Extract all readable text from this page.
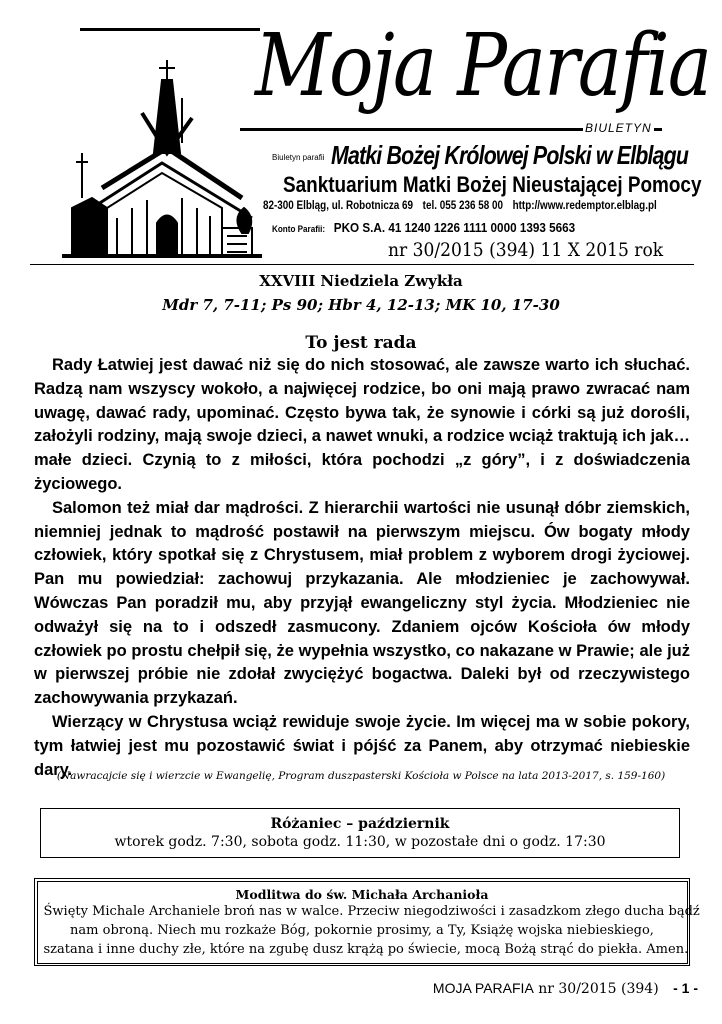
Moja Parafia
BIULETYN
$^{Biuletyn parafii}$ Matki Bożej Królowej Polski w Elblągu
Sanktuarium Matki Bożej Nieustającej Pomocy
82-300 Elbląg, ul. Robotnicza 69 tel. 055 236 58 00 http://www.redemptor.elblag.pl
Konto Parafii: PKO S.A. 41 1240 1226 1111 0000 1393 5663
nr 30/2015 (394) 11 X 2015 rok
XXVIII Niedziela Zwykła
Mdr 7, 7-11; Ps 90; Hbr 4, 12-13; MK 10, 17-30
To jest rada

Rady Łatwiej jest dawać niż się do nich stosować, ale zawsze warto ich słuchać. Radzą nam wszyscy wokoło, a najwięcej rodzice, bo oni mają prawo zwracać nam uwagę, dawać rady, upominać. Często bywa tak, że synowie i córki są już dorośli, założyli rodziny, mają swoje dzieci, a nawet wnuki, a rodzice wciąż traktują ich jak… małe dzieci. Czynią to z miłości, która pochodzi „z góry”, i z doświadczenia życiowego.

Salomon też miał dar mądrości. Z hierarchii wartości nie usunął dóbr ziemskich, niemniej jednak to mądrość postawił na pierwszym miejscu. Ów bogaty młody człowiek, który spotkał się z Chrystusem, miał problem z wyborem drogi życiowej. Pan mu powiedział: zachowuj przykazania. Ale młodzieniec je zachowywał. Wówczas Pan poradził mu, aby przyjął ewangeliczny styl życia. Młodzieniec nie odważył się na to i odszedł zasmucony. Zdaniem ojców Kościoła ów młody człowiek po prostu chełpił się, że wypełnia wszystko, co nakazane w Prawie; ale już w pierwszej próbie nie zdołał zwyciężyć bogactwa. Daleki był od rzeczywistego zachowywania przykazań.

Wierzący w Chrystusa wciąż rewiduje swoje życie. Im więcej ma w sobie pokory, tym łatwiej jest mu pozostawić świat i pójść za Panem, aby otrzymać niebieskie dary.

(Nawracajcie się i wierzcie w Ewangelię, Program duszpasterski Kościoła w Polsce na lata 2013-2017, s. 159-160)
Różaniec – październik
wtorek godz. 7:30, sobota godz. 11:30, w pozostałe dni o godz. 17:30
Modlitwa do św. Michała Archanioła
Święty Michale Archaniele broń nas w walce. Przeciw niegodziwości i zasadzkom złego ducha bądź
nam obroną. Niech mu rozkaże Bóg, pokornie prosimy, a Ty, Książę wojska niebieskiego,
szatana i inne duchy złe, które na zgubę dusz krążą po świecie, mocą Bożą strąć do piekła. Amen.
MOJA PARAFIA nr 30/2015 (394) - 1 -
